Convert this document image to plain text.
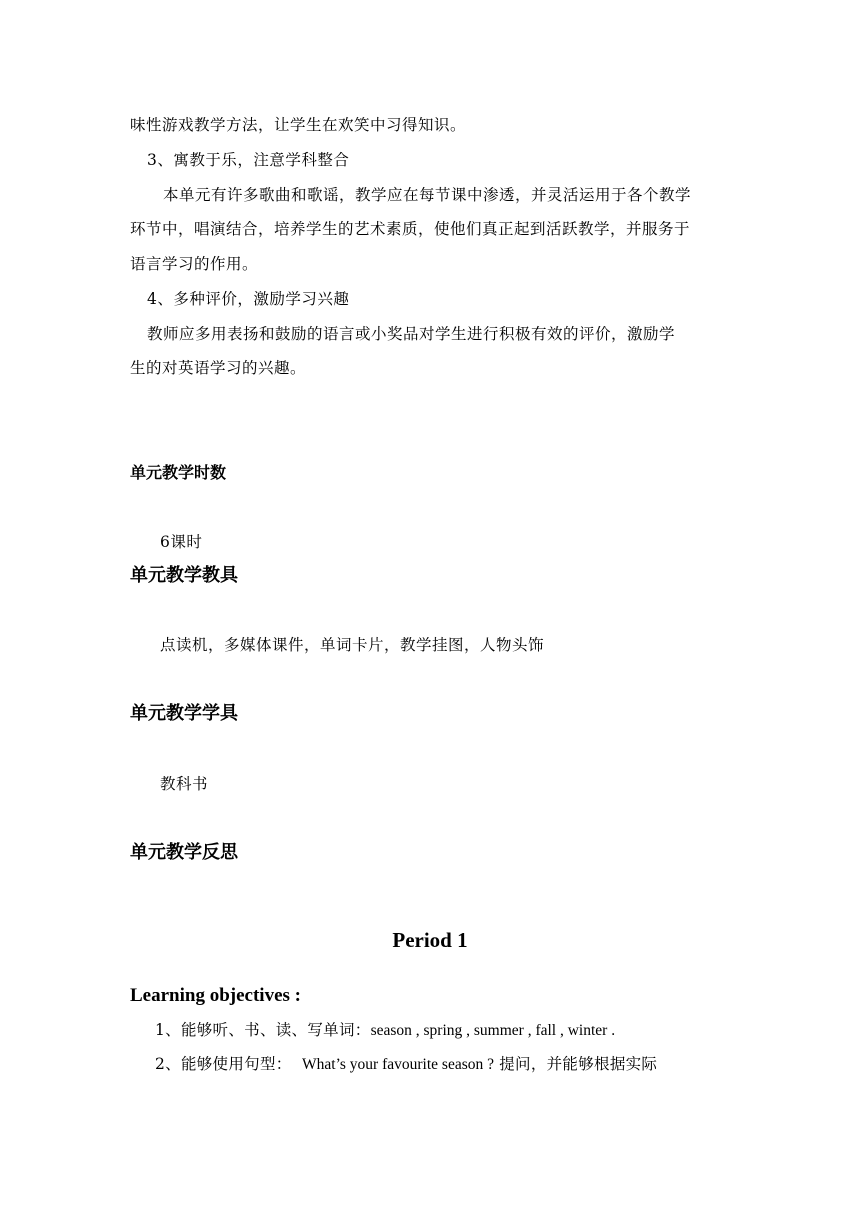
味性游戏教学方法，让学生在欢笑中习得知识。
3、寓教于乐，注意学科整合
本单元有许多歌曲和歌谣，教学应在每节课中渗透，并灵活运用于各个教学
环节中，唱演结合，培养学生的艺术素质，使他们真正起到活跃教学，并服务于
语言学习的作用。
4、多种评价，激励学习兴趣
教师应多用表扬和鼓励的语言或小奖品对学生进行积极有效的评价，激励学
生的对英语学习的兴趣。
单元教学时数
6课时
单元教学教具
点读机，多媒体课件，单词卡片，教学挂图，人物头饰
单元教学学具
教科书
单元教学反思
Period 1
Learning objectives :
1、能够听、书、读、写单词：season , spring , summer , fall , winter .
2、能够使用句型： What’s your favourite season ? 提问，并能够根据实际
